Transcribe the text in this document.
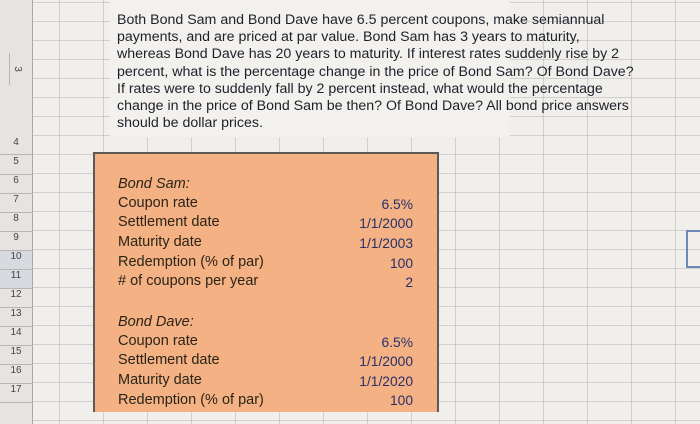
3
4
5
6
7
8
9
10
11
12
13
14
15
16
17
Both Bond Sam and Bond Dave have 6.5 percent coupons, make semiannual payments, and are priced at par value. Bond Sam has 3 years to maturity, whereas Bond Dave has 20 years to maturity. If interest rates suddenly rise by 2 percent, what is the percentage change in the price of Bond Sam? Of Bond Dave? If rates were to suddenly fall by 2 percent instead, what would the percentage change in the price of Bond Sam be then? Of Bond Dave? All bond price answers should be dollar prices.
Bond Sam:
Coupon rate	6.5%
Settlement date	1/1/2000
Maturity date	1/1/2003
Redemption (% of par)	100
# of coupons per year	2
Bond Dave:
Coupon rate	6.5%
Settlement date	1/1/2000
Maturity date	1/1/2020
Redemption (% of par)	100
